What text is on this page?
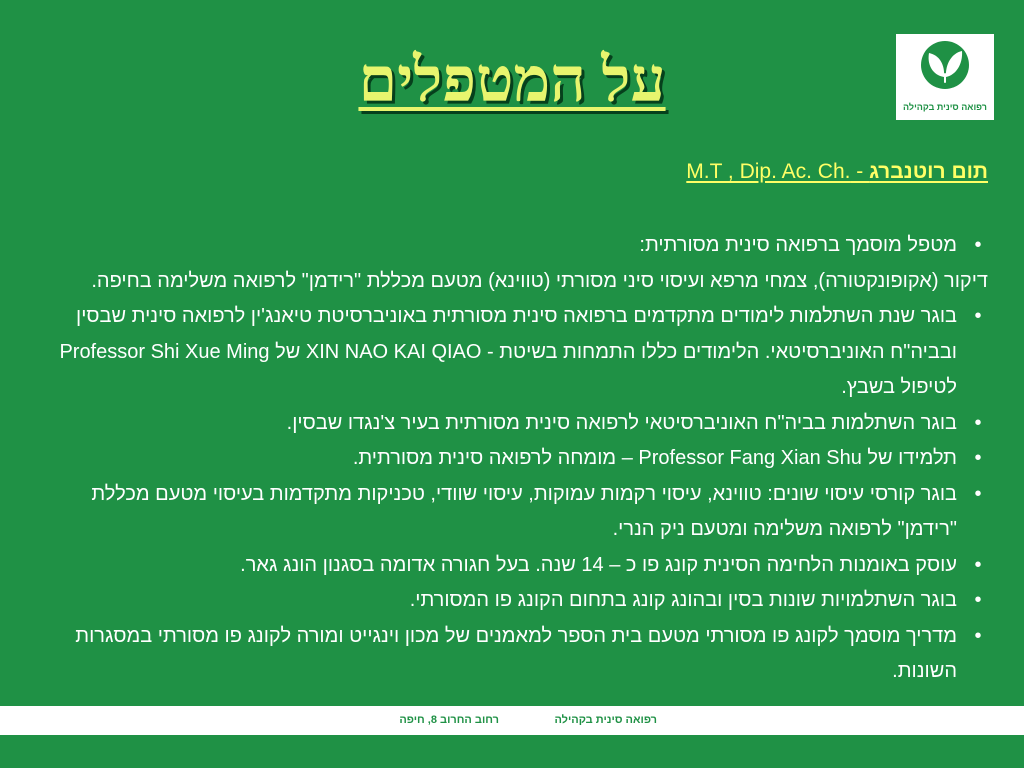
על המטפלים	רפואה סינית בקהילה
תום רוטנברג - M.T , Dip. Ac. Ch.
•
מטפל מוסמך ברפואה סינית מסורתית:
דיקור (אקופונקטורה), צמחי מרפא ועיסוי סיני מסורתי (טווינא) מטעם מכללת "רידמן" לרפואה משלימה בחיפה.
•
בוגר שנת השתלמות לימודים מתקדמים ברפואה סינית מסורתית באוניברסיטת טיאנג'ין לרפואה סינית שבסין ובביה"ח האוניברסיטאי. הלימודים כללו התמחות בשיטת - XIN NAO KAI QIAO של Professor Shi Xue Ming לטיפול בשבץ.
•
בוגר השתלמות בביה"ח האוניברסיטאי לרפואה סינית מסורתית בעיר צ'נגדו שבסין.
•
תלמידו של Professor Fang Xian Shu – מומחה לרפואה סינית מסורתית.
•
בוגר קורסי עיסוי שונים: טווינא, עיסוי רקמות עמוקות, עיסוי שוודי, טכניקות מתקדמות בעיסוי מטעם מכללת "רידמן" לרפואה משלימה ומטעם ניק הנרי.
•
עוסק באומנות הלחימה הסינית קונג פו כ – 14 שנה. בעל חגורה אדומה בסגנון הונג גאר.
•
בוגר השתלמויות שונות בסין ובהונג קונג בתחום הקונג פו המסורתי.
•
מדריך מוסמך לקונג פו מסורתי מטעם בית הספר למאמנים של מכון וינגייט ומורה לקונג פו מסורתי במסגרות השונות.
רפואה סינית בקהילה
רחוב החרוב 8, חיפה
